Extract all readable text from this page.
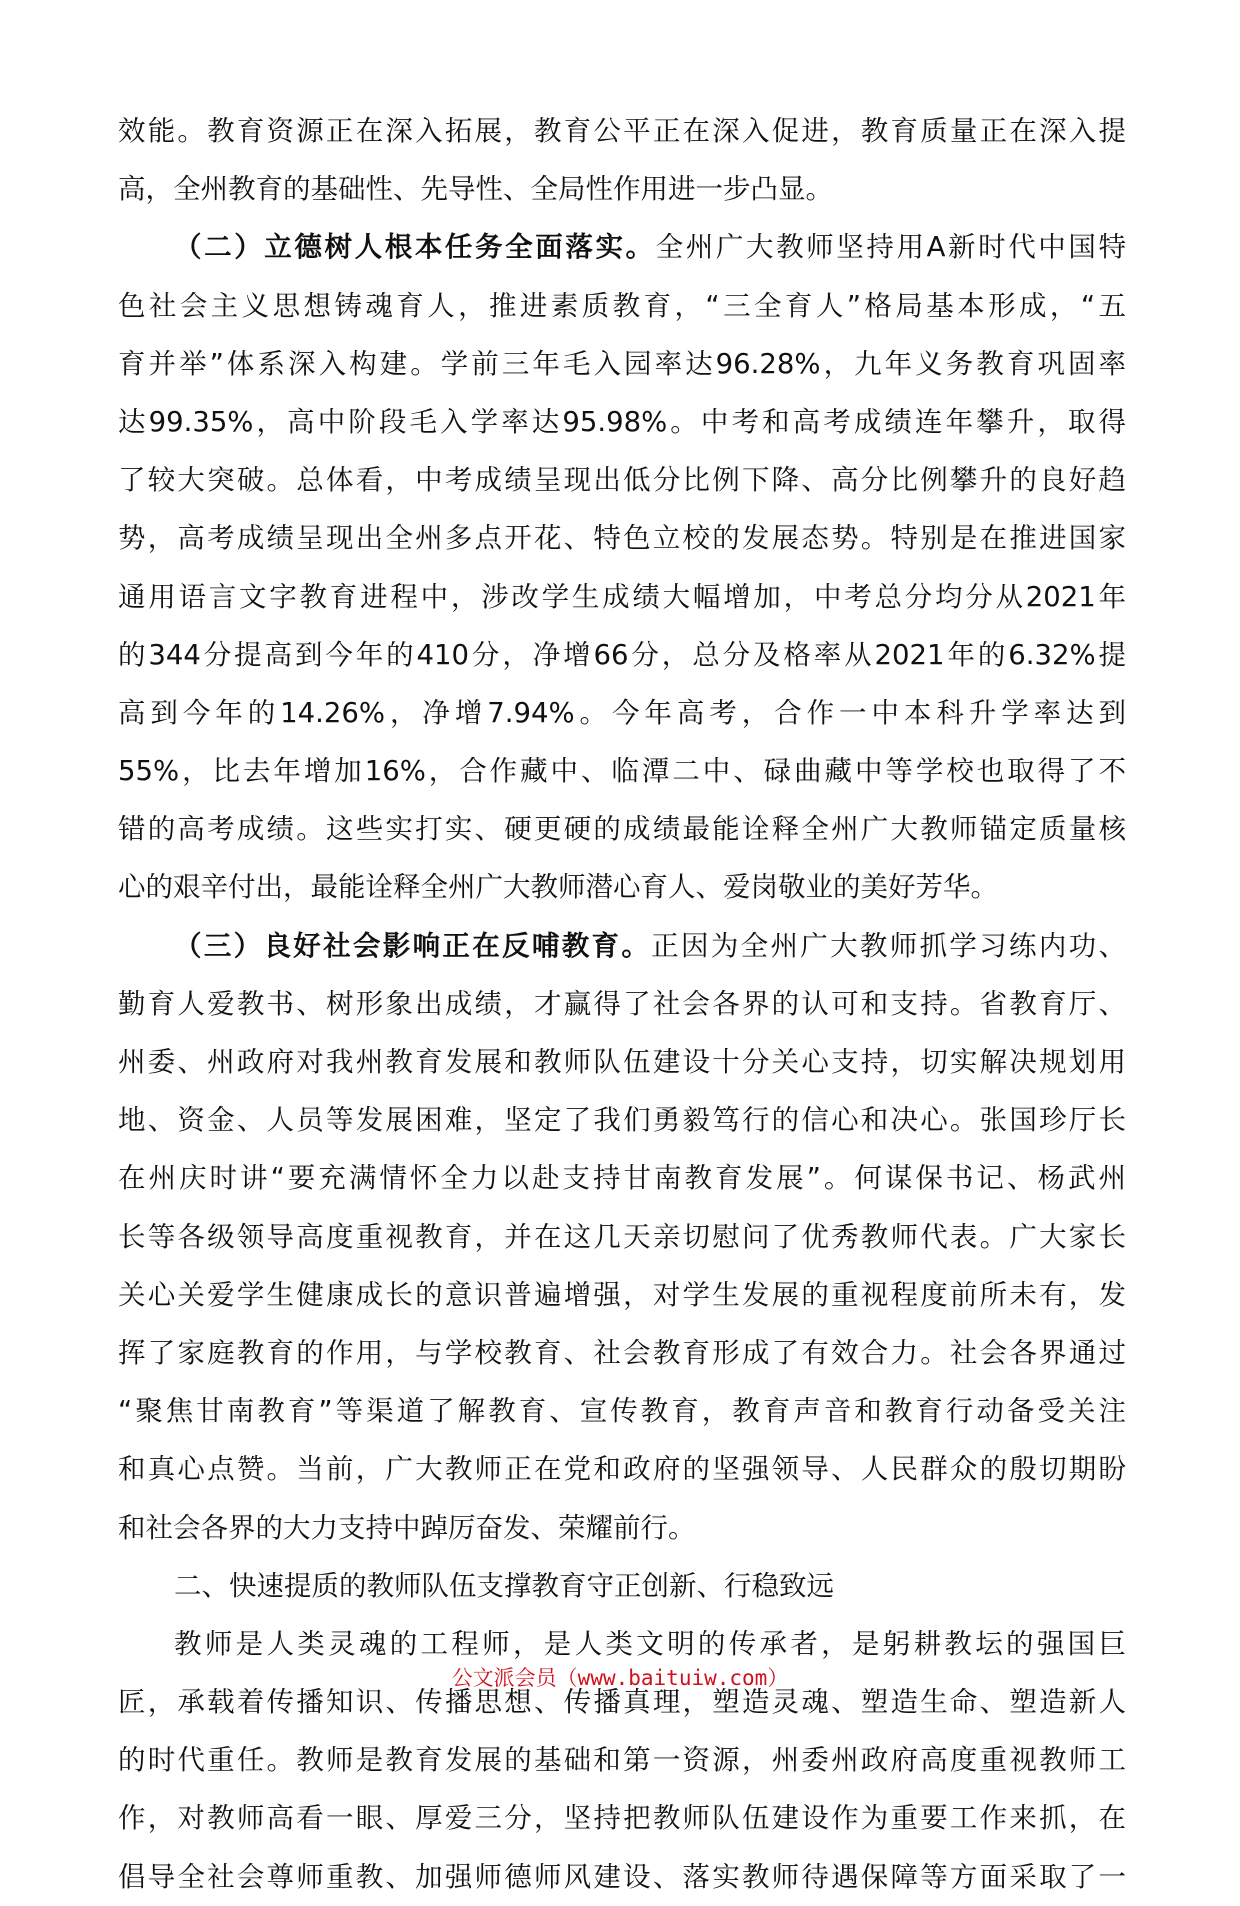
效能。教育资源正在深入拓展，教育公平正在深入促进，教育质量正在深入提
高，全州教育的基础性、先导性、全局性作用进一步凸显。
（二）立德树人根本任务全面落实。全州广大教师坚持用A新时代中国特
色社会主义思想铸魂育人，推进素质教育，“三全育人”格局基本形成，“五
育并举”体系深入构建。学前三年毛入园率达96.28%，九年义务教育巩固率
达99.35%，高中阶段毛入学率达95.98%。中考和高考成绩连年攀升，取得
了较大突破。总体看，中考成绩呈现出低分比例下降、高分比例攀升的良好趋
势，高考成绩呈现出全州多点开花、特色立校的发展态势。特别是在推进国家
通用语言文字教育进程中，涉改学生成绩大幅增加，中考总分均分从2021年
的344分提高到今年的410分，净增66分，总分及格率从2021年的6.32%提
高到今年的14.26%，净增7.94%。今年高考，合作一中本科升学率达到
55%，比去年增加16%，合作藏中、临潭二中、碌曲藏中等学校也取得了不
错的高考成绩。这些实打实、硬更硬的成绩最能诠释全州广大教师锚定质量核
心的艰辛付出，最能诠释全州广大教师潜心育人、爱岗敬业的美好芳华。
（三）良好社会影响正在反哺教育。正因为全州广大教师抓学习练内功、
勤育人爱教书、树形象出成绩，才赢得了社会各界的认可和支持。省教育厅、
州委、州政府对我州教育发展和教师队伍建设十分关心支持，切实解决规划用
地、资金、人员等发展困难，坚定了我们勇毅笃行的信心和决心。张国珍厅长
在州庆时讲“要充满情怀全力以赴支持甘南教育发展”。何谋保书记、杨武州
长等各级领导高度重视教育，并在这几天亲切慰问了优秀教师代表。广大家长
关心关爱学生健康成长的意识普遍增强，对学生发展的重视程度前所未有，发
挥了家庭教育的作用，与学校教育、社会教育形成了有效合力。社会各界通过
“聚焦甘南教育”等渠道了解教育、宣传教育，教育声音和教育行动备受关注
和真心点赞。当前，广大教师正在党和政府的坚强领导、人民群众的殷切期盼
和社会各界的大力支持中踔厉奋发、荣耀前行。
二、快速提质的教师队伍支撑教育守正创新、行稳致远
教师是人类灵魂的工程师，是人类文明的传承者，是躬耕教坛的强国巨
匠，承载着传播知识、传播思想、传播真理，塑造灵魂、塑造生命、塑造新人
的时代重任。教师是教育发展的基础和第一资源，州委州政府高度重视教师工
作，对教师高看一眼、厚爱三分，坚持把教师队伍建设作为重要工作来抓，在
倡导全社会尊师重教、加强师德师风建设、落实教师待遇保障等方面采取了一
公文派会员（www.baituiw.com）
